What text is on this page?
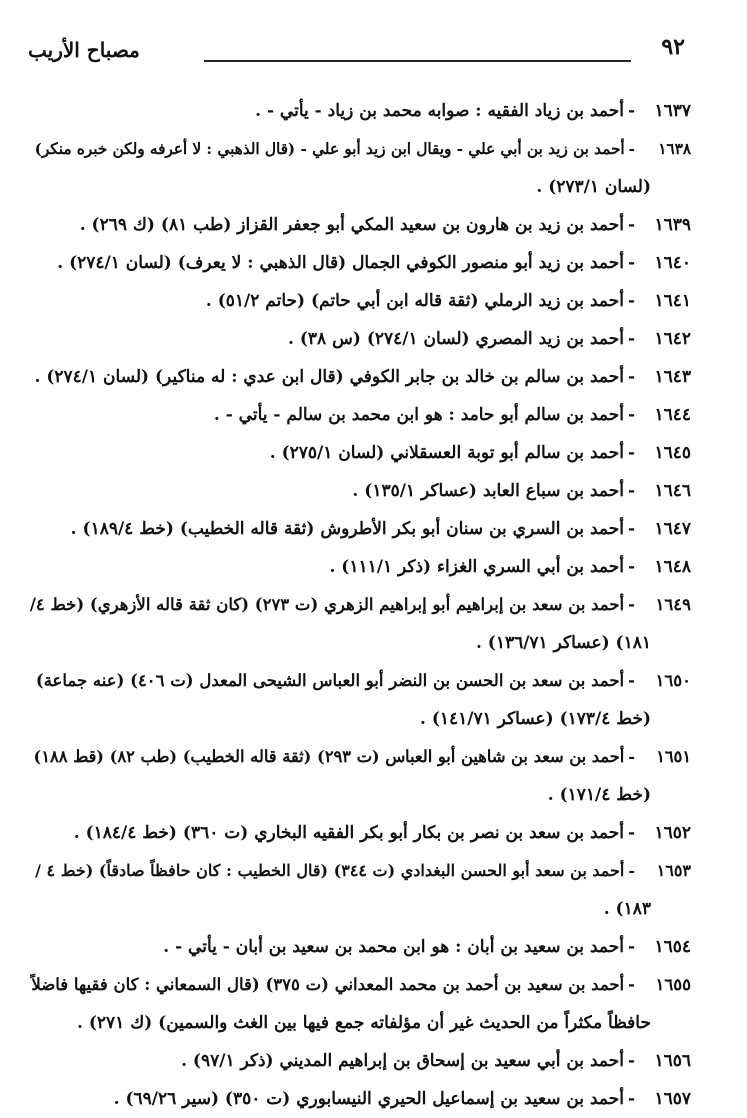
٩٢
مصباح الأريب
١٦٣٧-أحمد بن زياد الفقيه : صوابه محمد بن زياد - يأتي - .
١٦٣٨-أحمد بن زيد بن أبي علي - ويقال ابن زيد أبو علي - (قال الذهبي : لا أعرفه ولكن خبره منكر)
(لسان ٢٧٣/١) .
١٦٣٩-أحمد بن زيد بن هارون بن سعيد المكي أبو جعفر القزاز (طب ٨١) (ك ٢٦٩) .
١٦٤٠-أحمد بن زيد أبو منصور الكوفي الجمال (قال الذهبي : لا يعرف) (لسان ٢٧٤/١) .
١٦٤١-أحمد بن زيد الرملي (ثقة قاله ابن أبي حاتم) (حاتم ٥١/٢) .
١٦٤٢-أحمد بن زيد المصري (لسان ٢٧٤/١) (س ٣٨) .
١٦٤٣-أحمد بن سالم بن خالد بن جابر الكوفي (قال ابن عدي : له مناكير) (لسان ٢٧٤/١) .
١٦٤٤-أحمد بن سالم أبو حامد : هو ابن محمد بن سالم - يأتي - .
١٦٤٥-أحمد بن سالم أبو توبة العسقلاني (لسان ٢٧٥/١) .
١٦٤٦-أحمد بن سباع العابد (عساكر ١٣٥/١) .
١٦٤٧-أحمد بن السري بن سنان أبو بكر الأطروش (ثقة قاله الخطيب) (خط ١٨٩/٤) .
١٦٤٨-أحمد بن أبي السري الغزاء (ذكر ١١١/١) .
١٦٤٩-أحمد بن سعد بن إبراهيم أبو إبراهيم الزهري (ت ٢٧٣) (كان ثقة قاله الأزهري) (خط ٤/
١٨١) (عساكر ١٣٦/٧١) .
١٦٥٠-أحمد بن سعد بن الحسن بن النضر أبو العباس الشيحى المعدل (ت ٤٠٦) (عنه جماعة)
(خط ١٧٣/٤) (عساكر ١٤١/٧١) .
١٦٥١-أحمد بن سعد بن شاهين أبو العباس (ت ٢٩٣) (ثقة قاله الخطيب) (طب ٨٢) (قط ١٨٨)
(خط ١٧١/٤) .
١٦٥٢-أحمد بن سعد بن نصر بن بكار أبو بكر الفقيه البخاري (ت ٣٦٠) (خط ١٨٤/٤) .
١٦٥٣-أحمد بن سعد أبو الحسن البغدادي (ت ٣٤٤) (قال الخطيب : كان حافظاً صادقاً) (خط ٤ /
١٨٣) .
١٦٥٤-أحمد بن سعيد بن أبان : هو ابن محمد بن سعيد بن أبان - يأتي - .
١٦٥٥-أحمد بن سعيد بن أحمد بن محمد المعداني (ت ٣٧٥) (قال السمعاني : كان فقيها فاضلاً
حافظاً مكثراً من الحديث غير أن مؤلفاته جمع فيها بين الغث والسمين) (ك ٢٧١) .
١٦٥٦-أحمد بن أبي سعيد بن إسحاق بن إبراهيم المديني (ذكر ٩٧/١) .
١٦٥٧-أحمد بن سعيد بن إسماعيل الحيري النيسابوري (ت ٣٥٠) (سير ٦٩/٢٦) .
